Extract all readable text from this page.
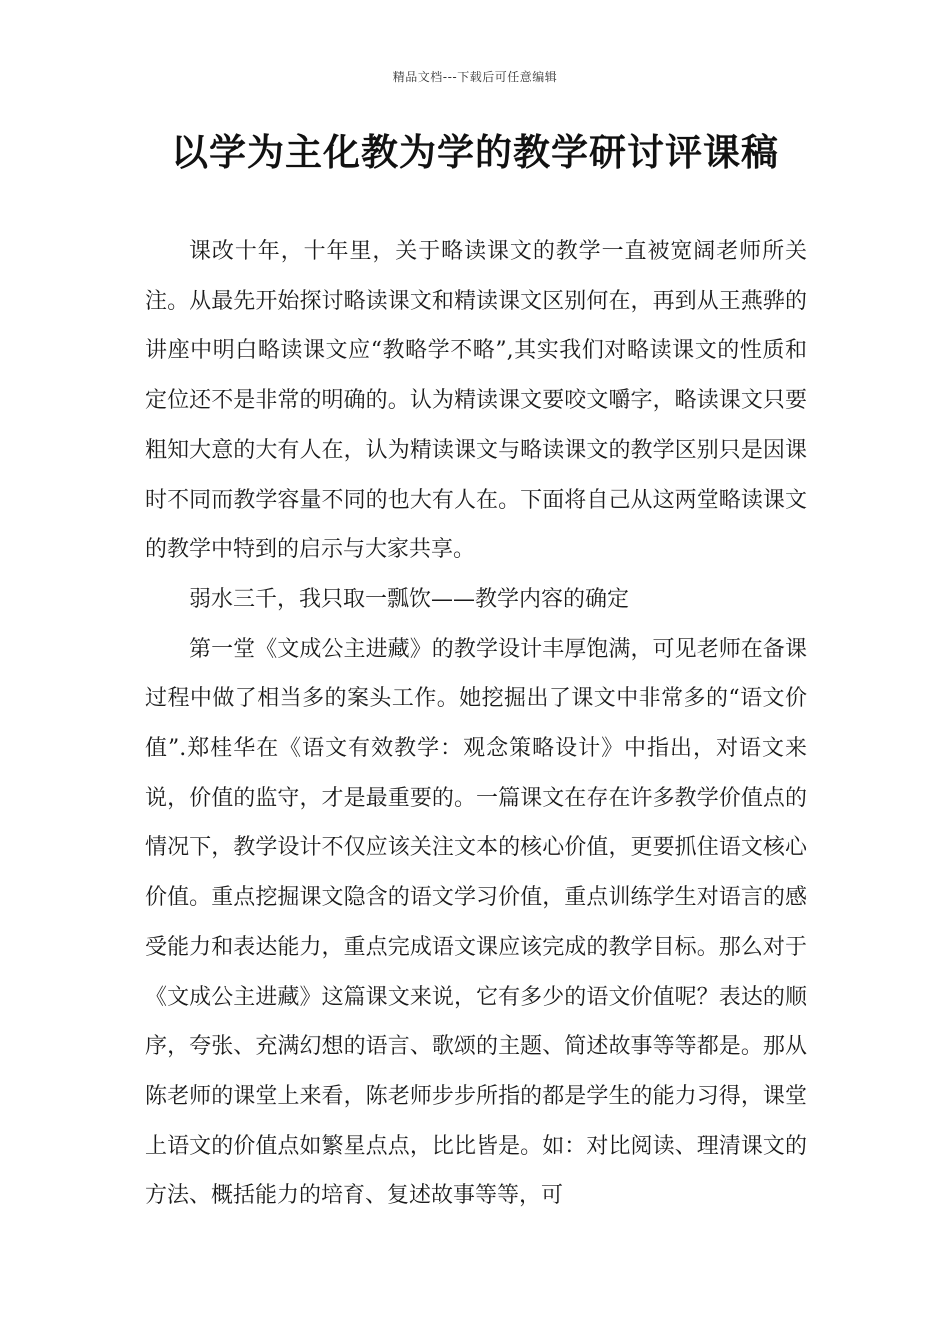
精品文档---下载后可任意编辑
以学为主化教为学的教学研讨评课稿

课改十年，十年里，关于略读课文的教学一直被宽阔老师所关注。从最先开始探讨略读课文和精读课文区别何在，再到从王燕骅的讲座中明白略读课文应“教略学不略”,其实我们对略读课文的性质和定位还不是非常的明确的。认为精读课文要咬文嚼字，略读课文只要粗知大意的大有人在，认为精读课文与略读课文的教学区别只是因课时不同而教学容量不同的也大有人在。下面将自己从这两堂略读课文的教学中特到的启示与大家共享。

弱水三千，我只取一瓢饮——教学内容的确定

第一堂《文成公主进藏》的教学设计丰厚饱满，可见老师在备课过程中做了相当多的案头工作。她挖掘出了课文中非常多的“语文价值”.郑桂华在《语文有效教学：观念策略设计》中指出，对语文来说，价值的监守，才是最重要的。一篇课文在存在许多教学价值点的情况下，教学设计不仅应该关注文本的核心价值，更要抓住语文核心价值。重点挖掘课文隐含的语文学习价值，重点训练学生对语言的感受能力和表达能力，重点完成语文课应该完成的教学目标。那么对于《文成公主进藏》这篇课文来说，它有多少的语文价值呢？表达的顺序，夸张、充满幻想的语言、歌颂的主题、简述故事等等都是。那从陈老师的课堂上来看，陈老师步步所指的都是学生的能力习得，课堂上语文的价值点如繁星点点，比比皆是。如：对比阅读、理清课文的方法、概括能力的培育、复述故事等等，可
